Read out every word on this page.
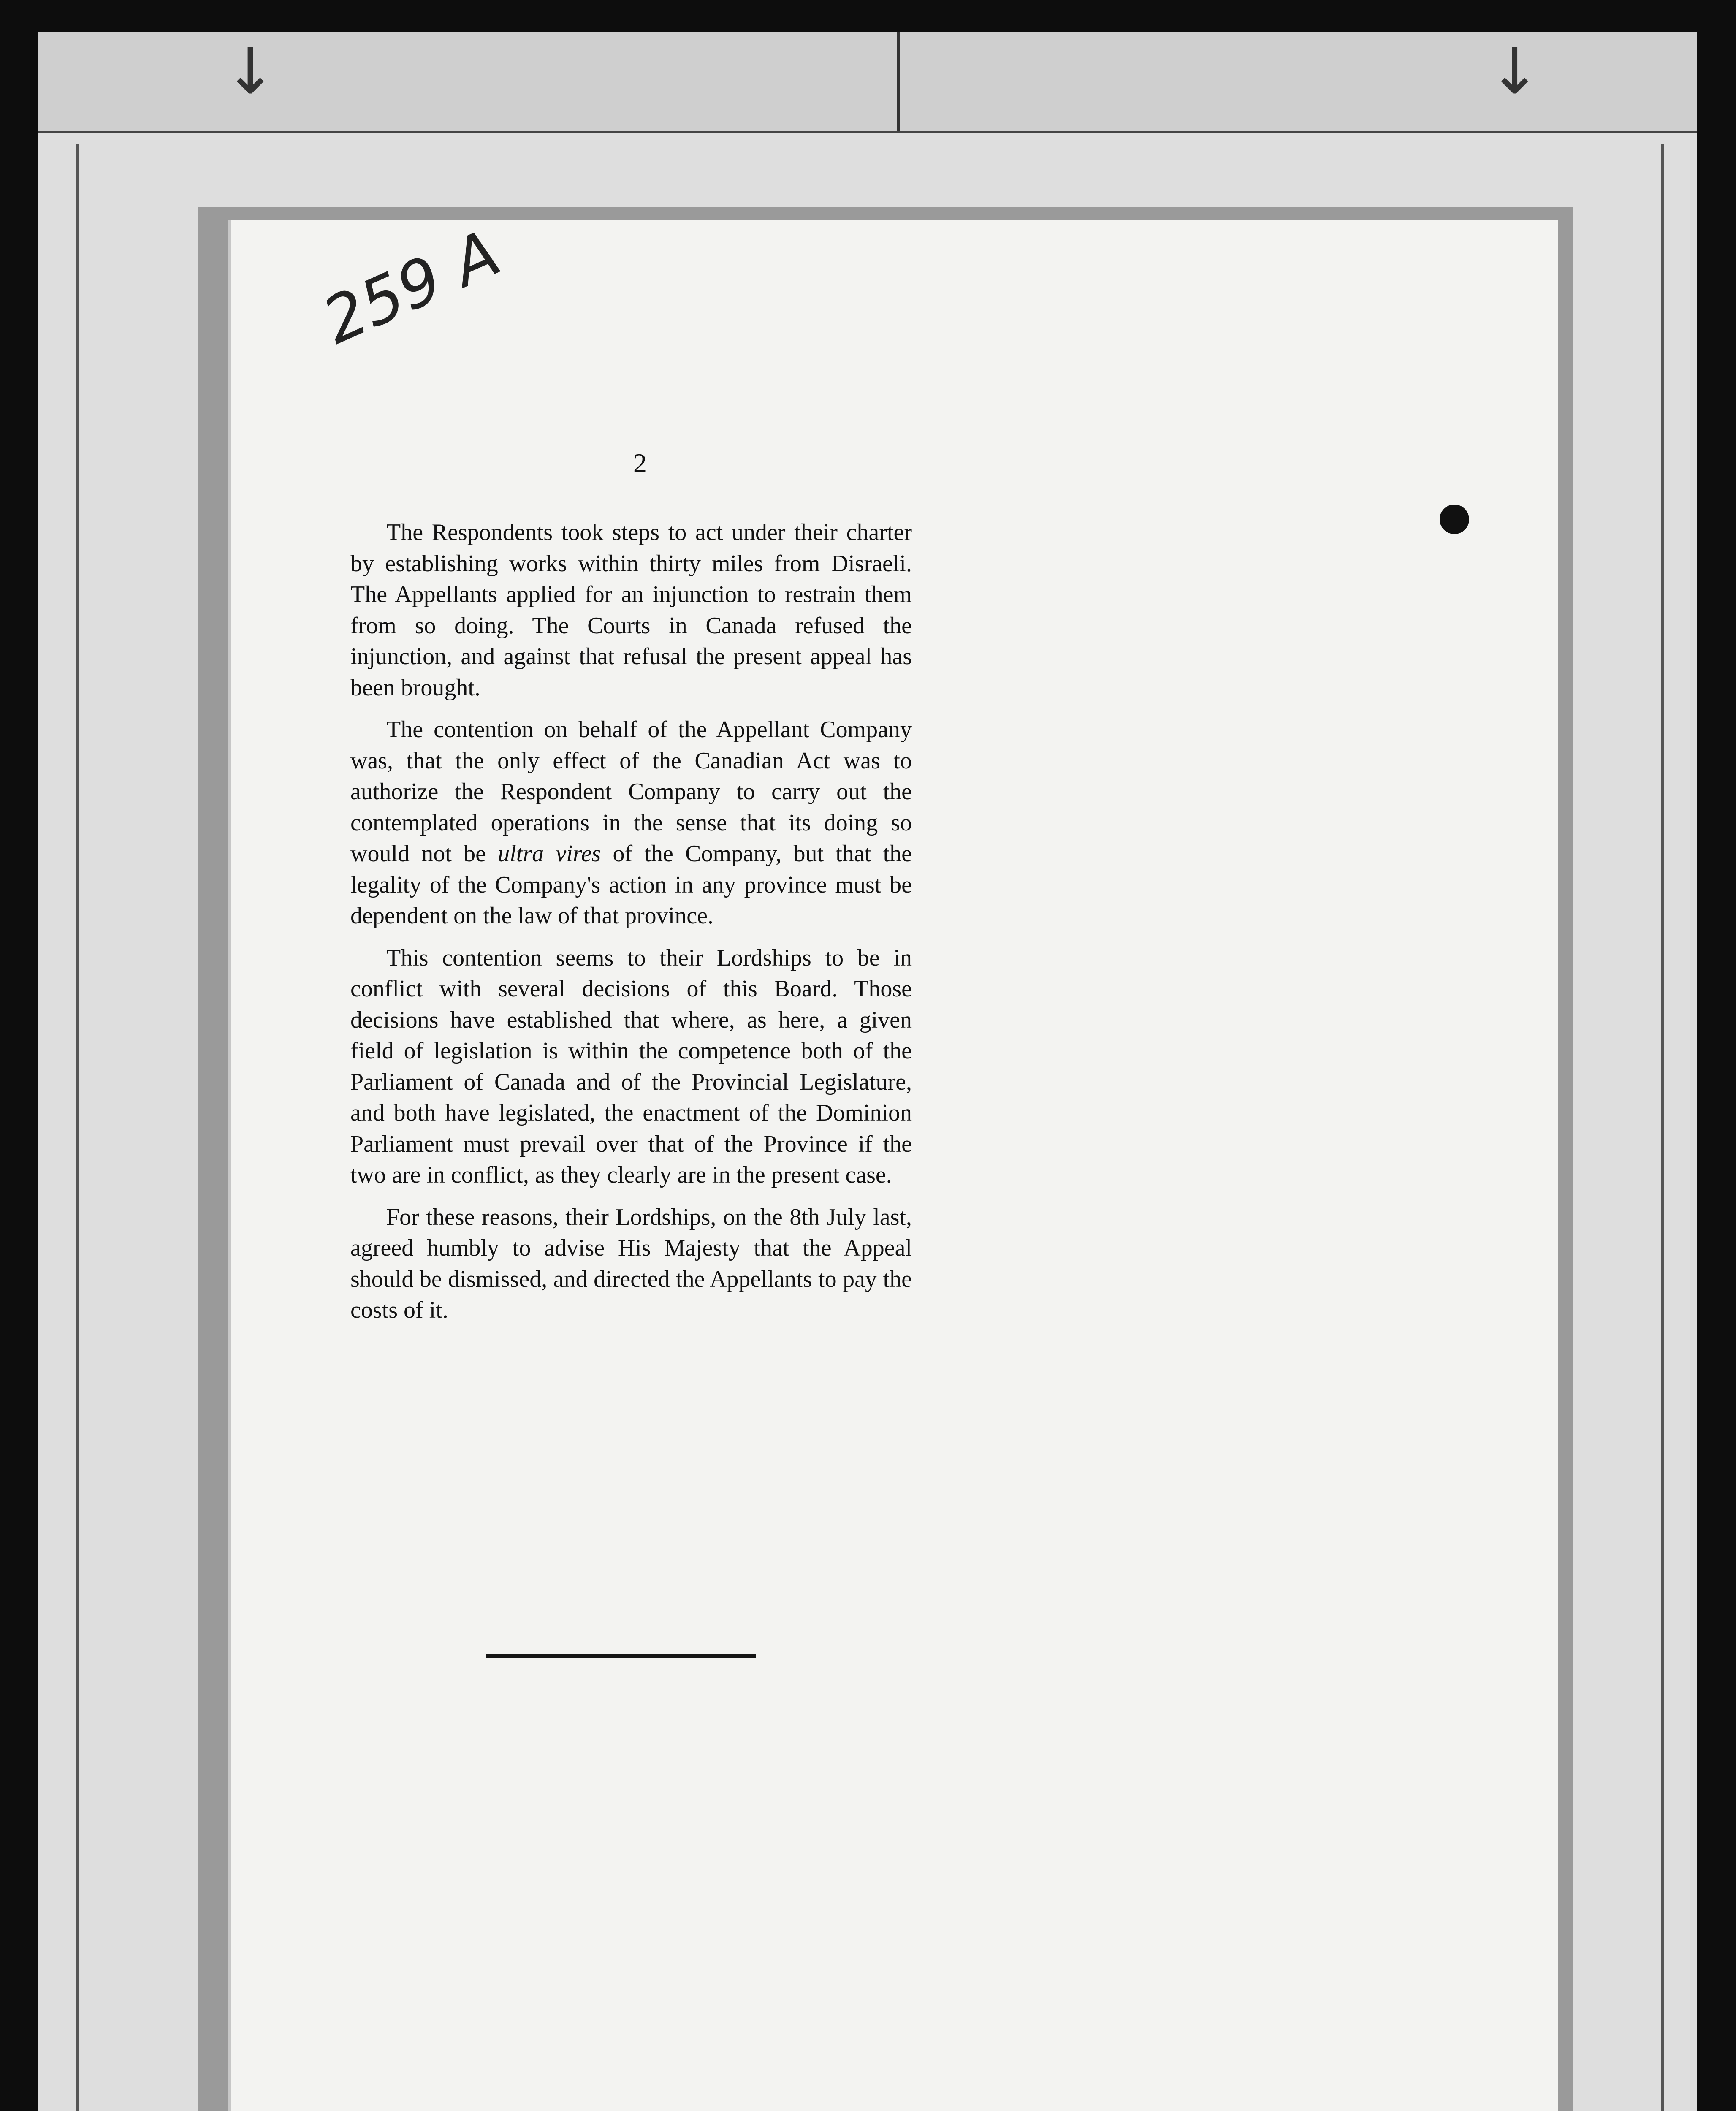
↓	↓
259 A
2

The Respondents took steps to act under their charter by establishing works within thirty miles from Disraeli. The Appellants applied for an injunction to restrain them from so doing. The Courts in Canada refused the injunction, and against that refusal the present appeal has been brought.

The contention on behalf of the Appellant Company was, that the only effect of the Canadian Act was to authorize the Respondent Company to carry out the contemplated operations in the sense that its doing so would not be ultra vires of the Company, but that the legality of the Company's action in any province must be dependent on the law of that province.

This contention seems to their Lordships to be in conflict with several decisions of this Board. Those decisions have established that where, as here, a given field of legislation is within the competence both of the Parliament of Canada and of the Provincial Legislature, and both have legislated, the enactment of the Dominion Parliament must prevail over that of the Province if the two are in conflict, as they clearly are in the present case.

For these reasons, their Lordships, on the 8th July last, agreed humbly to advise His Majesty that the Appeal should be dismissed, and directed the Appellants to pay the costs of it.
